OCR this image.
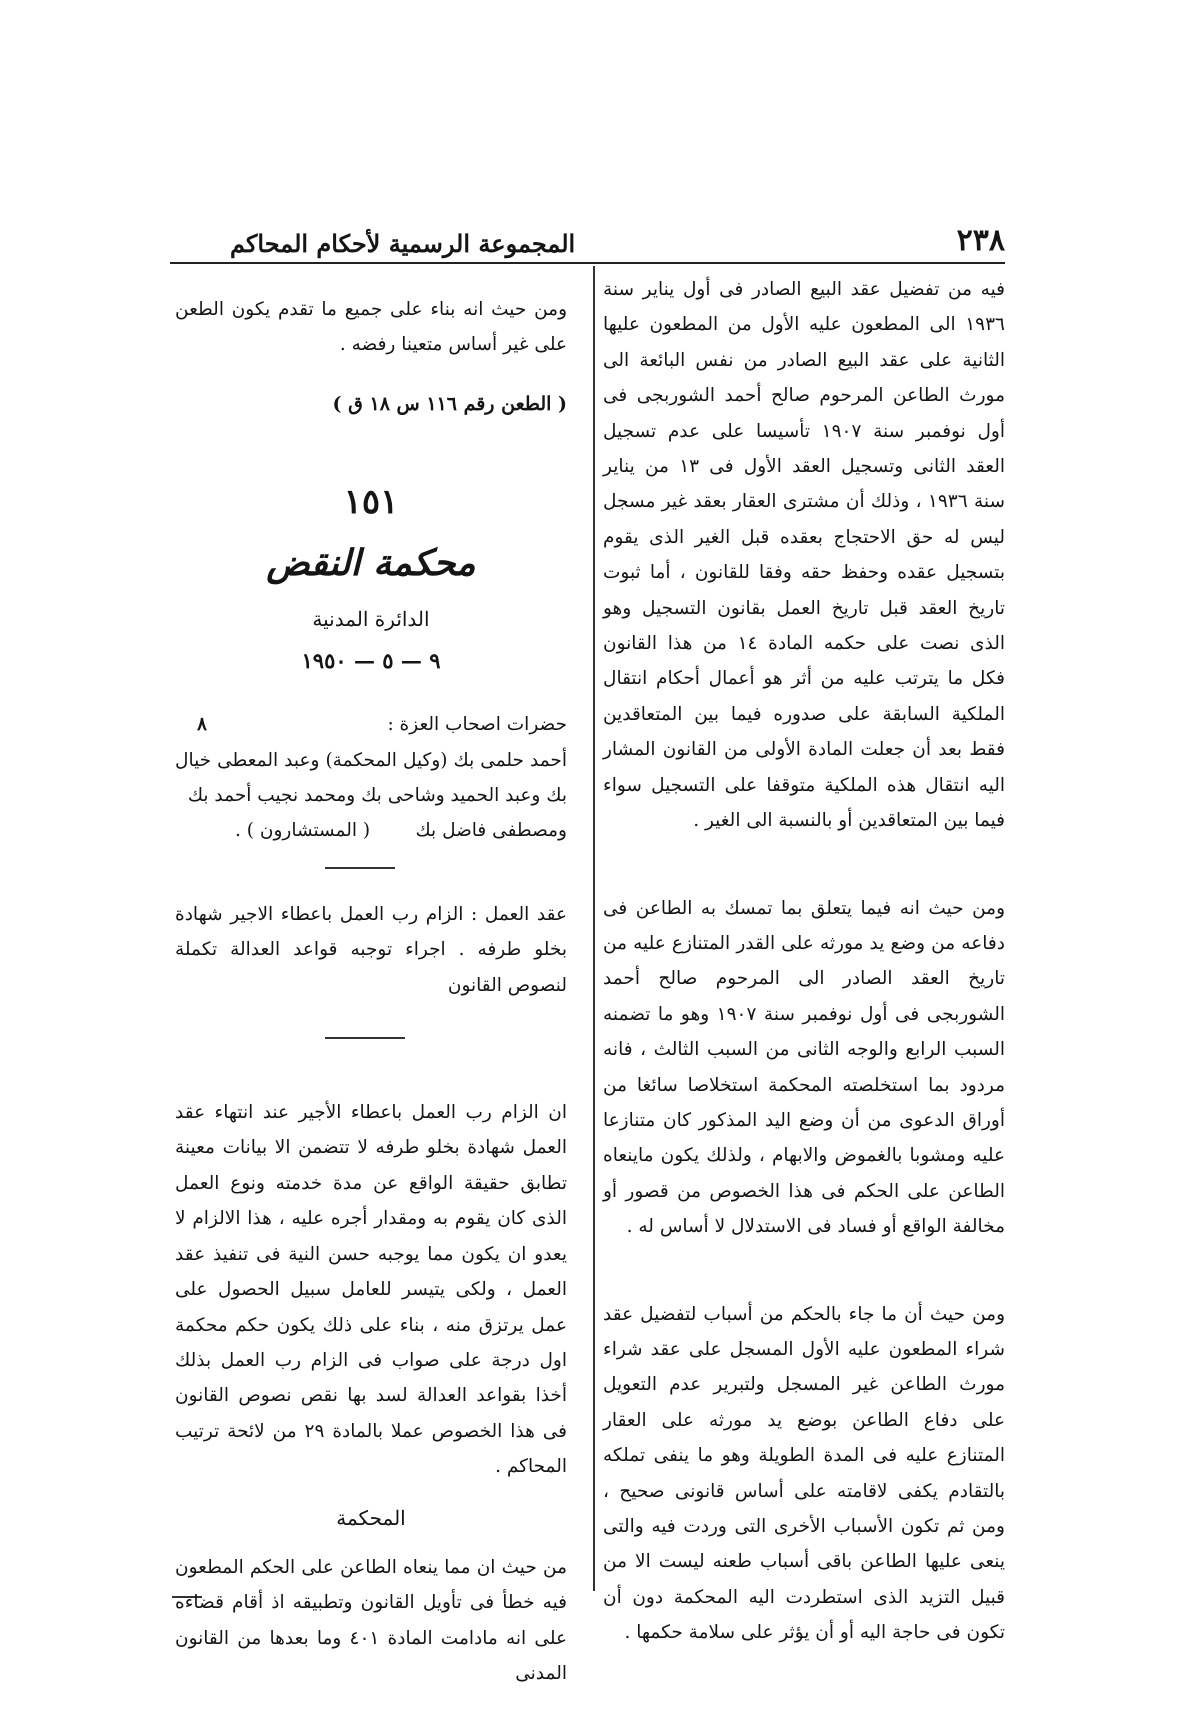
٢٣٨
المجموعة الرسمية لأحكام المحاكم

فيه من تفضيل عقد البيع الصادر فى أول يناير سنة ١٩٣٦ الى المطعون عليه الأول من المطعون عليها الثانية على عقد البيع الصادر من نفس البائعة الى مورث الطاعن المرحوم صالح أحمد الشوربجى فى أول نوفمبر سنة ١٩٠٧ تأسيسا على عدم تسجيل العقد الثانى وتسجيل العقد الأول فى ١٣ من يناير سنة ١٩٣٦ ، وذلك أن مشترى العقار بعقد غير مسجل ليس له حق الاحتجاج بعقده قبل الغير الذى يقوم بتسجيل عقده وحفظ حقه وفقا للقانون ، أما ثبوت تاريخ العقد قبل تاريخ العمل بقانون التسجيل وهو الذى نصت على حكمه المادة ١٤ من هذا القانون فكل ما يترتب عليه من أثر هو أعمال أحكام انتقال الملكية السابقة على صدوره فيما بين المتعاقدين فقط بعد أن جعلت المادة الأولى من القانون المشار اليه انتقال هذه الملكية متوقفا على التسجيل سواء فيما بين المتعاقدين أو بالنسبة الى الغير .

ومن حيث انه فيما يتعلق بما تمسك به الطاعن فى دفاعه من وضع يد مورثه على القدر المتنازع عليه من تاريخ العقد الصادر الى المرحوم صالح أحمد الشوربجى فى أول نوفمبر سنة ١٩٠٧ وهو ما تضمنه السبب الرابع والوجه الثانى من السبب الثالث ، فانه مردود بما استخلصته المحكمة استخلاصا سائغا من أوراق الدعوى من أن وضع اليد المذكور كان متنازعا عليه ومشوبا بالغموض والابهام ، ولذلك يكون ماينعاه الطاعن على الحكم فى هذا الخصوص من قصور أو مخالفة الواقع أو فساد فى الاستدلال لا أساس له .

ومن حيث أن ما جاء بالحكم من أسباب لتفضيل عقد شراء المطعون عليه الأول المسجل على عقد شراء مورث الطاعن غير المسجل ولتبرير عدم التعويل على دفاع الطاعن بوضع يد مورثه على العقار المتنازع عليه فى المدة الطويلة وهو ما ينفى تملكه بالتقادم يكفى لاقامته على أساس قانونى صحيح ، ومن ثم تكون الأسباب الأخرى التى وردت فيه والتى ينعى عليها الطاعن باقى أسباب طعنه ليست الا من قبيل التزيد الذى استطردت اليه المحكمة دون أن تكون فى حاجة اليه أو أن يؤثر على سلامة حكمها .

ومن حيث انه بناء على جميع ما تقدم يكون الطعن على غير أساس متعينا رفضه .

( الطعن رقم ١١٦ س ١٨ ق )

١٥١
محكمة النقض
الدائرة المدنية
٩ — ٥ — ١٩٥٠
حضرات اصحاب العزة :
٨

أحمد حلمى بك (وكيل المحكمة) وعبد المعطى خيال بك وعبد الحميد وشاحى بك ومحمد نجيب أحمد بك

ومصطفى فاضل بك
( المستشارون ) .

عقد العمل : الزام رب العمل باعطاء الاجير شهادة بخلو طرفه . اجراء توجبه قواعد العدالة تكملة لنصوص القانون

ان الزام رب العمل باعطاء الأجير عند انتهاء عقد العمل شهادة بخلو طرفه لا تتضمن الا بيانات معينة تطابق حقيقة الواقع عن مدة خدمته ونوع العمل الذى كان يقوم به ومقدار أجره عليه ، هذا الالزام لا يعدو ان يكون مما يوجبه حسن النية فى تنفيذ عقد العمل ، ولكى يتيسر للعامل سبيل الحصول على عمل يرتزق منه ، بناء على ذلك يكون حكم محكمة اول درجة على صواب فى الزام رب العمل بذلك أخذا بقواعد العدالة لسد بها نقص نصوص القانون فى هذا الخصوص عملا بالمادة ٢٩ من لائحة ترتيب المحاكم .

المحكمة

من حيث ان مما ينعاه الطاعن على الحكم المطعون فيه خطأ فى تأويل القانون وتطبيقه اذ أقام قضاءه على انه مادامت المادة ٤٠١ وما بعدها من القانون المدنى
